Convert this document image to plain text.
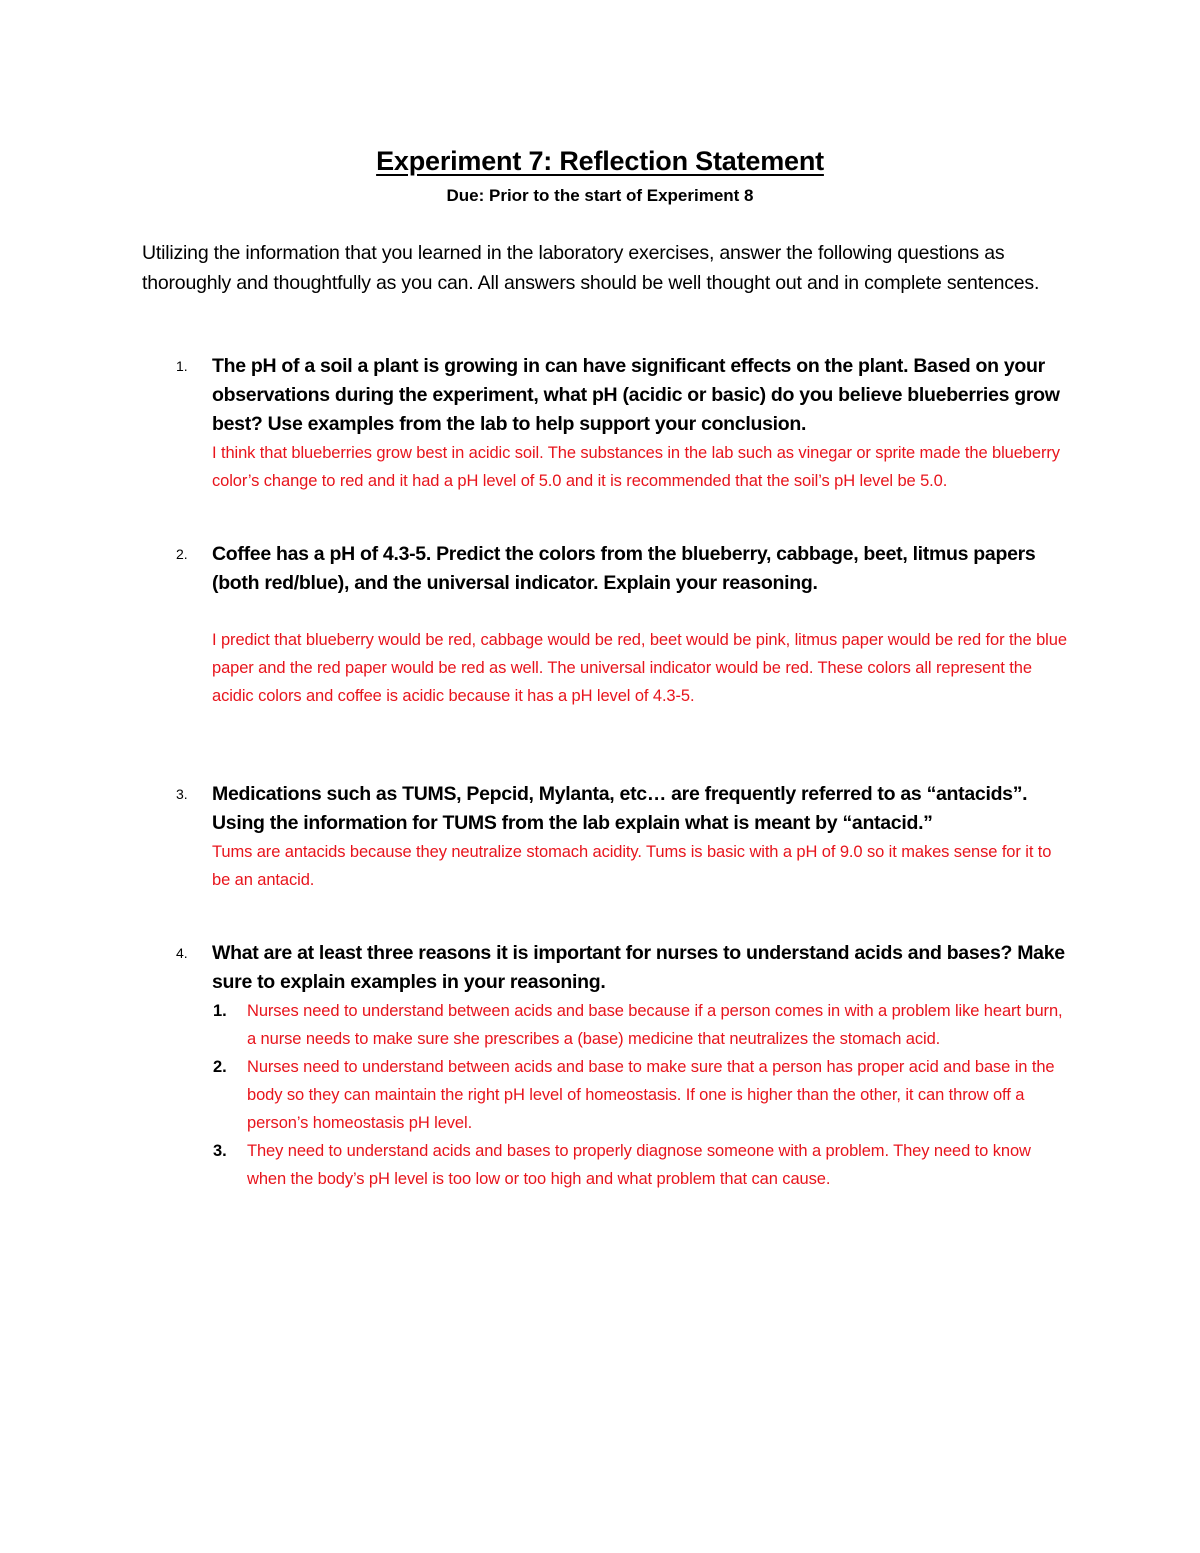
Experiment 7: Reflection Statement
Due: Prior to the start of Experiment 8
Utilizing the information that you learned in the laboratory exercises, answer the following questions as thoroughly and thoughtfully as you can. All answers should be well thought out and in complete sentences.
1. The pH of a soil a plant is growing in can have significant effects on the plant. Based on your observations during the experiment, what pH (acidic or basic) do you believe blueberries grow best? Use examples from the lab to help support your conclusion.
I think that blueberries grow best in acidic soil. The substances in the lab such as vinegar or sprite made the blueberry color’s change to red and it had a pH level of 5.0 and it is recommended that the soil’s pH level be 5.0.
2. Coffee has a pH of 4.3-5. Predict the colors from the blueberry, cabbage, beet, litmus papers (both red/blue), and the universal indicator. Explain your reasoning.
I predict that blueberry would be red, cabbage would be red, beet would be pink, litmus paper would be red for the blue paper and the red paper would be red as well. The universal indicator would be red. These colors all represent the acidic colors and coffee is acidic because it has a pH level of 4.3-5.
3. Medications such as TUMS, Pepcid, Mylanta, etc… are frequently referred to as “antacids”. Using the information for TUMS from the lab explain what is meant by “antacid.”
Tums are antacids because they neutralize stomach acidity. Tums is basic with a pH of 9.0 so it makes sense for it to be an antacid.
4. What are at least three reasons it is important for nurses to understand acids and bases? Make sure to explain examples in your reasoning.
1. Nurses need to understand between acids and base because if a person comes in with a problem like heart burn, a nurse needs to make sure she prescribes a (base) medicine that neutralizes the stomach acid.
2. Nurses need to understand between acids and base to make sure that a person has proper acid and base in the body so they can maintain the right pH level of homeostasis. If one is higher than the other, it can throw off a person’s homeostasis pH level.
3. They need to understand acids and bases to properly diagnose someone with a problem. They need to know when the body’s pH level is too low or too high and what problem that can cause.
